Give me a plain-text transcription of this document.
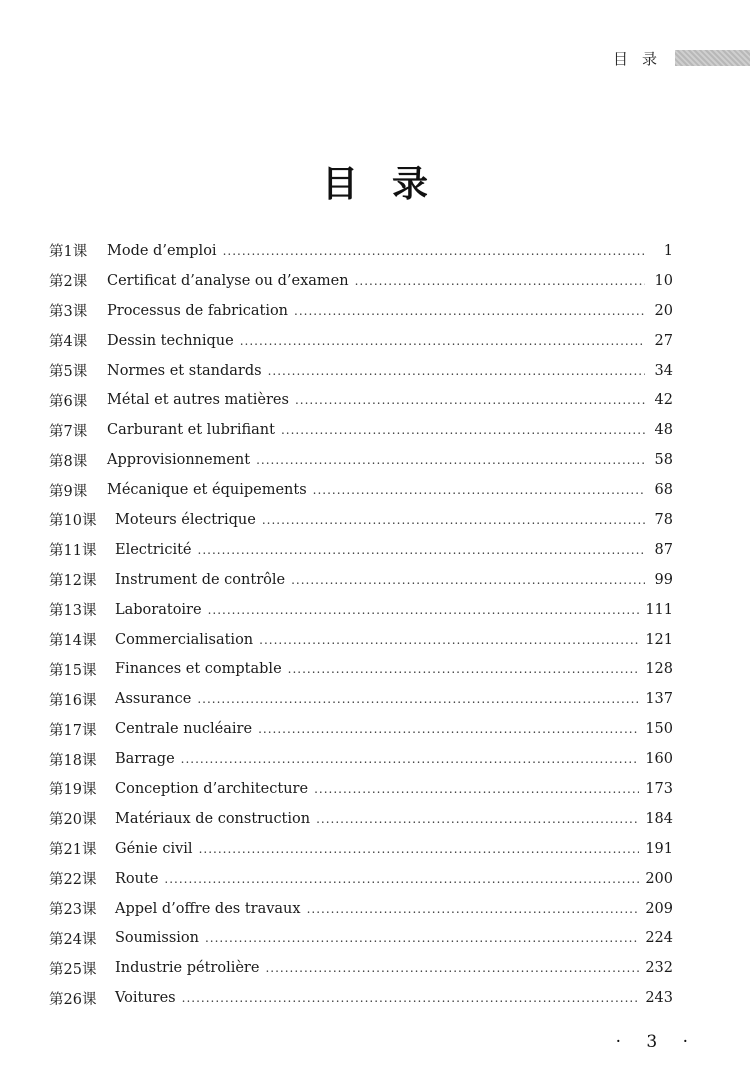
目录
目录
第1课	Mode d’emploi .....	1
第2课	Certificat d’analyse ou d’examen .....	10
第3课	Processus de fabrication .....	20
第4课	Dessin technique .....	27
第5课	Normes et standards .....	34
第6课	Métal et autres matières .....	42
第7课	Carburant et lubrifiant .....	48
第8课	Approvisionnement .....	58
第9课	Mécanique et équipements .....	68
第10课	Moteurs électrique .....	78
第11课	Electricité .....	87
第12课	Instrument de contrôle .....	99
第13课	Laboratoire .....	111
第14课	Commercialisation .....	121
第15课	Finances et comptable .....	128
第16课	Assurance .....	137
第17课	Centrale nucléaire .....	150
第18课	Barrage .....	160
第19课	Conception d’architecture .....	173
第20课	Matériaux de construction .....	184
第21课	Génie civil .....	191
第22课	Route .....	200
第23课	Appel d’offre des travaux .....	209
第24课	Soumission .....	224
第25课	Industrie pétrolière .....	232
第26课	Voitures .....	243
· 3 ·
